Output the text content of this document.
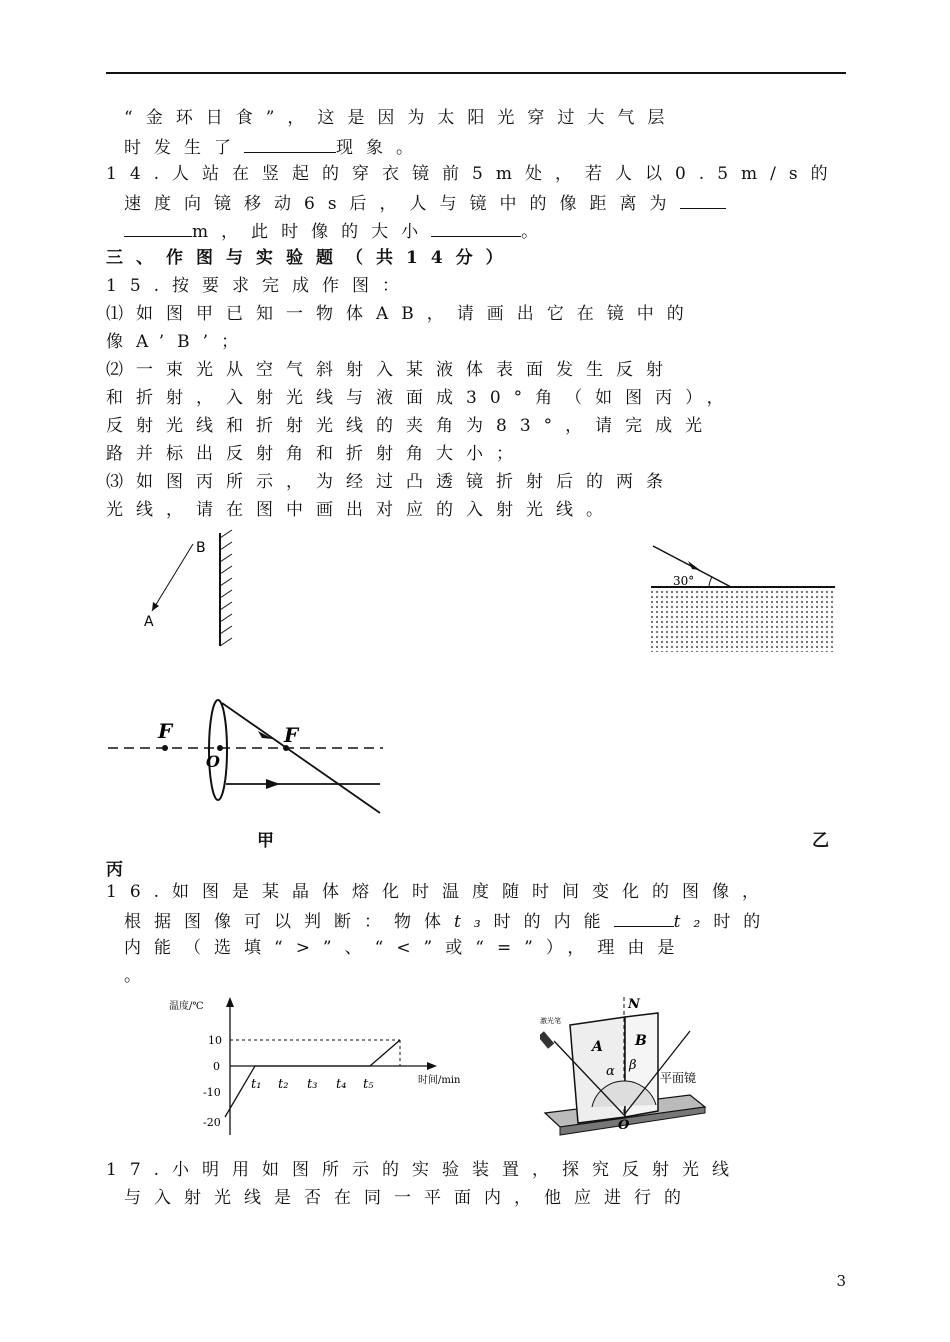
“金环日食”，这是因为太阳光穿过大气层
时发生了	现象。
14.人站在竖起的穿衣镜前5m处，若人以0.5m/s的
速度向镜移动6s后，人与镜中的像距离为
m，此时像的大小	。
三、作图与实验题（共14分）
15.按要求完成作图：
⑴如图甲已知一物体AB，请画出它在镜中的
像A’B’；
⑵一束光从空气斜射入某液体表面发生反射
和折射，入射光线与液面成30°角（如图丙），
反射光线和折射光线的夹角为83°，请完成光
路并标出反射角和折射角大小；
⑶如图丙所示，为经过凸透镜折射后的两条
光线，请在图中画出对应的入射光线。
B
A
30°
F	F
O
甲	乙
丙
16.如图是某晶体熔化时温度随时间变化的图像，
根据图像可以判断：物体t₃时的内能	t₂时的
内能（选填“>”、“<”或“=”），理由是
。
温度/℃
时间/min
10
0
-10
-20
t₁ t₂ t₃ t₄ t₅
N
A B
α β
O
平面镜
激光笔
17.小明用如图所示的实验装置，探究反射光线
与入射光线是否在同一平面内，他应进行的
3
